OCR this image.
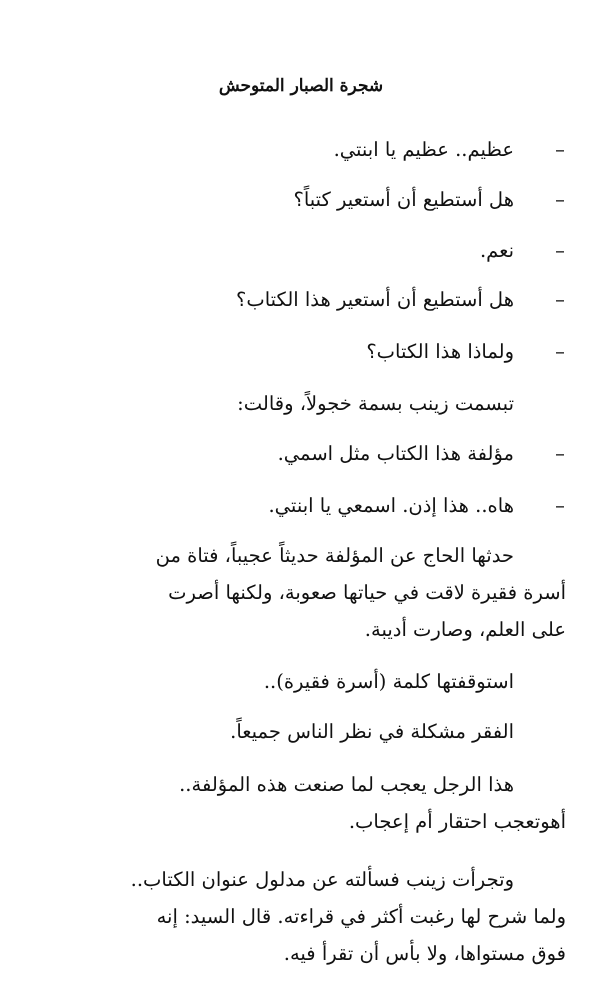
شجرة الصبار المتوحش
–
عظيم.. عظيم يا ابنتي.
–
هل أستطيع أن أستعير كتباً؟
–
نعم.
–
هل أستطيع أن أستعير هذا الكتاب؟
–
ولماذا هذا الكتاب؟
تبسمت زينب بسمة خجولاً، وقالت:
–
مؤلفة هذا الكتاب مثل اسمي.
–
هاه.. هذا إذن. اسمعي يا ابنتي.
حدثها الحاج عن المؤلفة حديثاً عجيباً، فتاة من
أسرة فقيرة لاقت في حياتها صعوبة، ولكنها أصرت
على العلم، وصارت أديبة.
استوقفتها كلمة (أسرة فقيرة)..
الفقر مشكلة في نظر الناس جميعاً.
هذا الرجل يعجب لما صنعت هذه المؤلفة..
أهوتعجب احتقار أم إعجاب.
وتجرأت زينب فسألته عن مدلول عنوان الكتاب..
ولما شرح لها رغبت أكثر في قراءته. قال السيد: إنه
فوق مستواها، ولا بأس أن تقرأ فيه.
